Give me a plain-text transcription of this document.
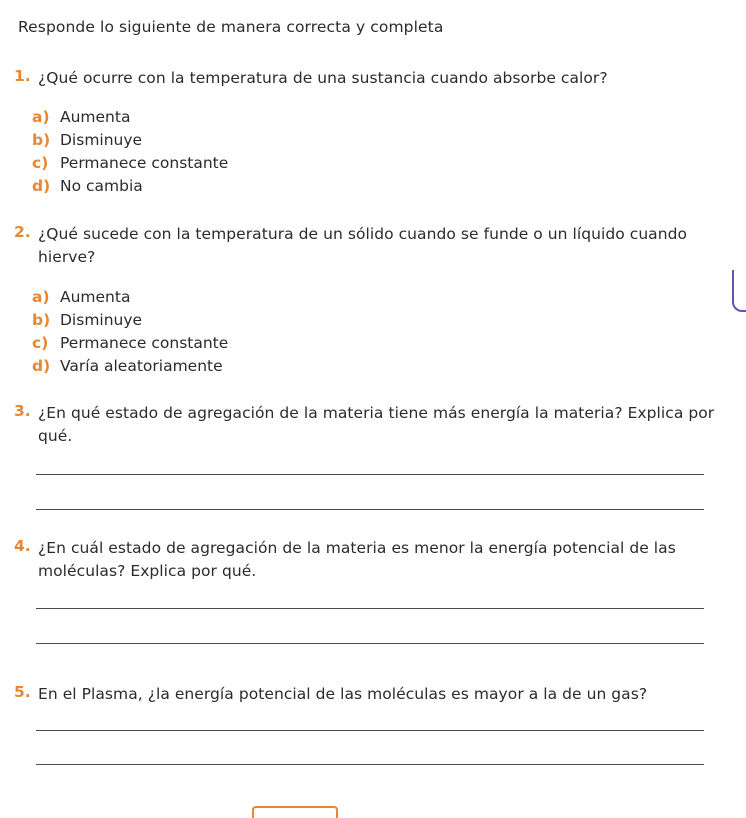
Responde lo siguiente de manera correcta y completa
1. ¿Qué ocurre con la temperatura de una sustancia cuando absorbe calor?
a) Aumenta
b) Disminuye
c) Permanece constante
d) No cambia
2. ¿Qué sucede con la temperatura de un sólido cuando se funde o un líquido cuando hierve?
a) Aumenta
b) Disminuye
c) Permanece constante
d) Varía aleatoriamente
3. ¿En qué estado de agregación de la materia tiene más energía la materia? Explica por qué.
4. ¿En cuál estado de agregación de la materia es menor la energía potencial de las moléculas? Explica por qué.
5. En el Plasma, ¿la energía potencial de las moléculas es mayor a la de un gas?
